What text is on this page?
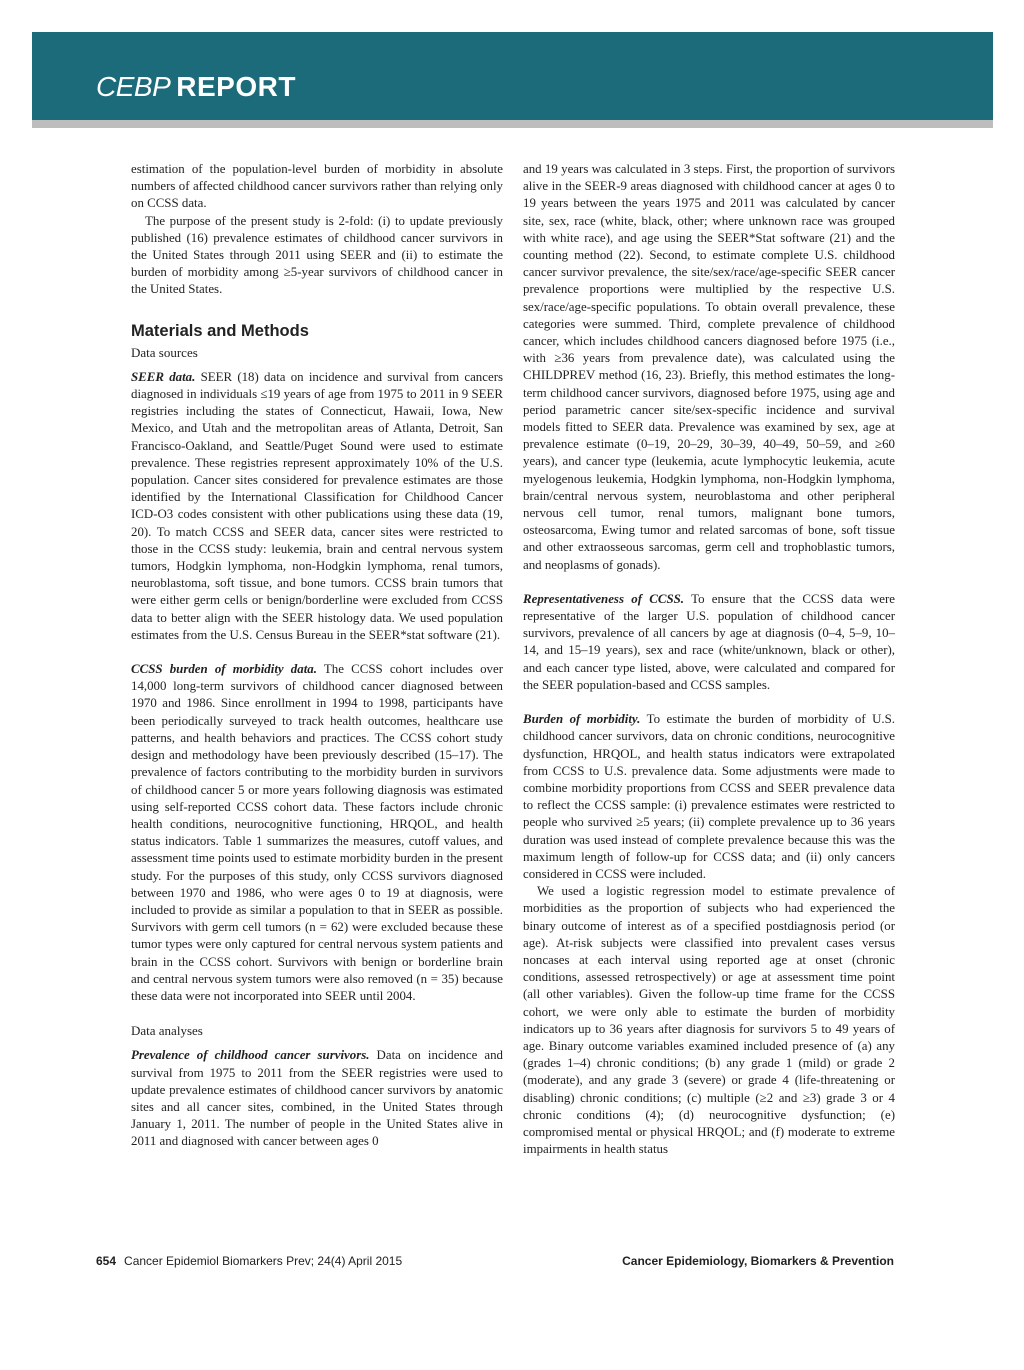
CEBP REPORT

estimation of the population-level burden of morbidity in absolute numbers of affected childhood cancer survivors rather than relying only on CCSS data.

The purpose of the present study is 2-fold: (i) to update previously published (16) prevalence estimates of childhood cancer survivors in the United States through 2011 using SEER and (ii) to estimate the burden of morbidity among ≥5-year survivors of childhood cancer in the United States.

Materials and Methods
Data sources

SEER data. SEER (18) data on incidence and survival from cancers diagnosed in individuals ≤19 years of age from 1975 to 2011 in 9 SEER registries including the states of Connecticut, Hawaii, Iowa, New Mexico, and Utah and the metropolitan areas of Atlanta, Detroit, San Francisco-Oakland, and Seattle/Puget Sound were used to estimate prevalence. These registries represent approximately 10% of the U.S. population. Cancer sites considered for prevalence estimates are those identified by the International Classification for Childhood Cancer ICD-O3 codes consistent with other publications using these data (19, 20). To match CCSS and SEER data, cancer sites were restricted to those in the CCSS study: leukemia, brain and central nervous system tumors, Hodgkin lymphoma, non-Hodgkin lymphoma, renal tumors, neuroblastoma, soft tissue, and bone tumors. CCSS brain tumors that were either germ cells or benign/borderline were excluded from CCSS data to better align with the SEER histology data. We used population estimates from the U.S. Census Bureau in the SEER*stat software (21).

CCSS burden of morbidity data. The CCSS cohort includes over 14,000 long-term survivors of childhood cancer diagnosed between 1970 and 1986. Since enrollment in 1994 to 1998, participants have been periodically surveyed to track health outcomes, healthcare use patterns, and health behaviors and practices. The CCSS cohort study design and methodology have been previously described (15–17). The prevalence of factors contributing to the morbidity burden in survivors of childhood cancer 5 or more years following diagnosis was estimated using self-reported CCSS cohort data. These factors include chronic health conditions, neurocognitive functioning, HRQOL, and health status indicators. Table 1 summarizes the measures, cutoff values, and assessment time points used to estimate morbidity burden in the present study. For the purposes of this study, only CCSS survivors diagnosed between 1970 and 1986, who were ages 0 to 19 at diagnosis, were included to provide as similar a population to that in SEER as possible. Survivors with germ cell tumors (n = 62) were excluded because these tumor types were only captured for central nervous system patients and brain in the CCSS cohort. Survivors with benign or borderline brain and central nervous system tumors were also removed (n = 35) because these data were not incorporated into SEER until 2004.

Data analyses

Prevalence of childhood cancer survivors. Data on incidence and survival from 1975 to 2011 from the SEER registries were used to update prevalence estimates of childhood cancer survivors by anatomic sites and all cancer sites, combined, in the United States through January 1, 2011. The number of people in the United States alive in 2011 and diagnosed with cancer between ages 0

and 19 years was calculated in 3 steps. First, the proportion of survivors alive in the SEER-9 areas diagnosed with childhood cancer at ages 0 to 19 years between the years 1975 and 2011 was calculated by cancer site, sex, race (white, black, other; where unknown race was grouped with white race), and age using the SEER*Stat software (21) and the counting method (22). Second, to estimate complete U.S. childhood cancer survivor prevalence, the site/sex/race/age-specific SEER cancer prevalence proportions were multiplied by the respective U.S. sex/race/age-specific populations. To obtain overall prevalence, these categories were summed. Third, complete prevalence of childhood cancer, which includes childhood cancers diagnosed before 1975 (i.e., with ≥36 years from prevalence date), was calculated using the CHILDPREV method (16, 23). Briefly, this method estimates the long-term childhood cancer survivors, diagnosed before 1975, using age and period parametric cancer site/sex-specific incidence and survival models fitted to SEER data. Prevalence was examined by sex, age at prevalence estimate (0–19, 20–29, 30–39, 40–49, 50–59, and ≥60 years), and cancer type (leukemia, acute lymphocytic leukemia, acute myelogenous leukemia, Hodgkin lymphoma, non-Hodgkin lymphoma, brain/central nervous system, neuroblastoma and other peripheral nervous cell tumor, renal tumors, malignant bone tumors, osteosarcoma, Ewing tumor and related sarcomas of bone, soft tissue and other extraosseous sarcomas, germ cell and trophoblastic tumors, and neoplasms of gonads).

Representativeness of CCSS. To ensure that the CCSS data were representative of the larger U.S. population of childhood cancer survivors, prevalence of all cancers by age at diagnosis (0–4, 5–9, 10–14, and 15–19 years), sex and race (white/unknown, black or other), and each cancer type listed, above, were calculated and compared for the SEER population-based and CCSS samples.

Burden of morbidity. To estimate the burden of morbidity of U.S. childhood cancer survivors, data on chronic conditions, neurocognitive dysfunction, HRQOL, and health status indicators were extrapolated from CCSS to U.S. prevalence data. Some adjustments were made to combine morbidity proportions from CCSS and SEER prevalence data to reflect the CCSS sample: (i) prevalence estimates were restricted to people who survived ≥5 years; (ii) complete prevalence up to 36 years duration was used instead of complete prevalence because this was the maximum length of follow-up for CCSS data; and (ii) only cancers considered in CCSS were included.

We used a logistic regression model to estimate prevalence of morbidities as the proportion of subjects who had experienced the binary outcome of interest as of a specified postdiagnosis period (or age). At-risk subjects were classified into prevalent cases versus noncases at each interval using reported age at onset (chronic conditions, assessed retrospectively) or age at assessment time point (all other variables). Given the follow-up time frame for the CCSS cohort, we were only able to estimate the burden of morbidity indicators up to 36 years after diagnosis for survivors 5 to 49 years of age. Binary outcome variables examined included presence of (a) any (grades 1–4) chronic conditions; (b) any grade 1 (mild) or grade 2 (moderate), and any grade 3 (severe) or grade 4 (life-threatening or disabling) chronic conditions; (c) multiple (≥2 and ≥3) grade 3 or 4 chronic conditions (4); (d) neurocognitive dysfunction; (e) compromised mental or physical HRQOL; and (f) moderate to extreme impairments in health status

654 Cancer Epidemiol Biomarkers Prev; 24(4) April 2015	Cancer Epidemiology, Biomarkers & Prevention
